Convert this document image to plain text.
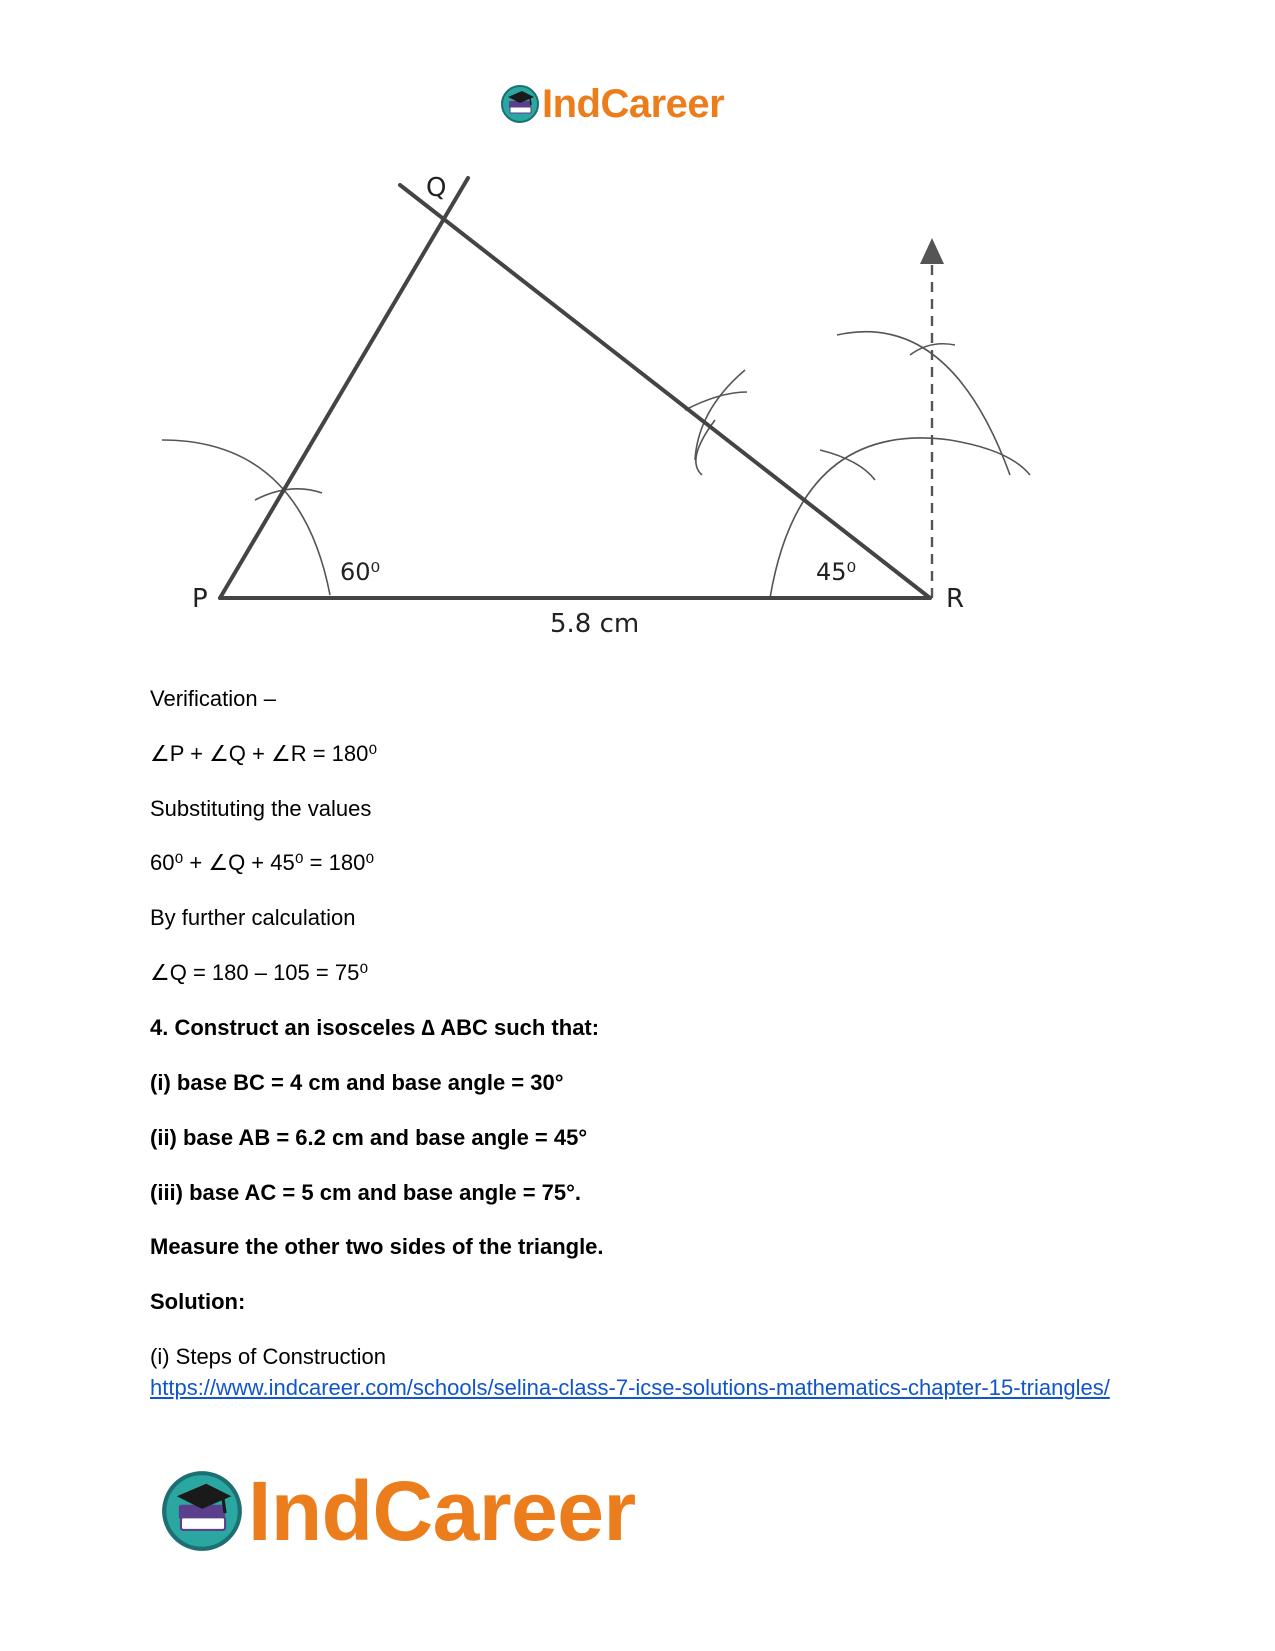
IndCareer
Q
P	R
60⁰	45⁰
5.8 cm
Verification –
∠P + ∠Q + ∠R = 180⁰
Substituting the values
60⁰ + ∠Q + 45⁰ = 180⁰
By further calculation
∠Q = 180 – 105 = 75⁰
4. Construct an isosceles ∆ ABC such that:
(i) base BC = 4 cm and base angle = 30°
(ii) base AB = 6.2 cm and base angle = 45°
(iii) base AC = 5 cm and base angle = 75°.
Measure the other two sides of the triangle.
Solution:
(i) Steps of Construction
https://www.indcareer.com/schools/selina-class-7-icse-solutions-mathematics-chapter-15-triangles/
IndCareer
